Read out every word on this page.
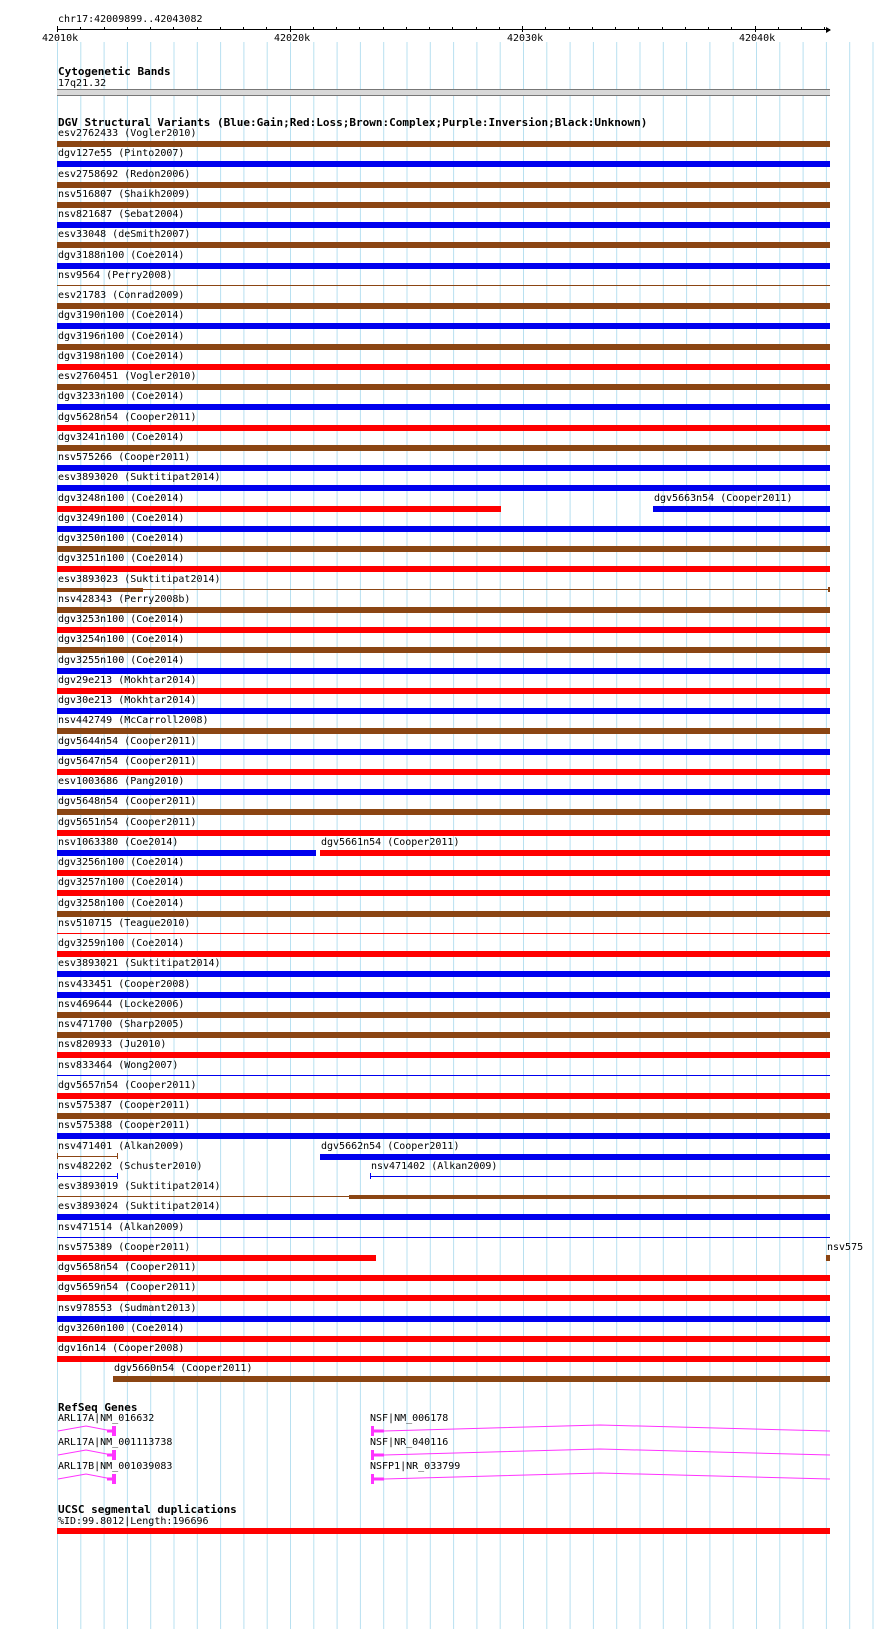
chr17:42009899..42043082
42010k	42020k	42030k	42040k
Cytogenetic Bands
17q21.32
DGV Structural Variants (Blue:Gain;Red:Loss;Brown:Complex;Purple:Inversion;Black:Unknown)
esv2762433 (Vogler2010)
dgv127e55 (Pinto2007)
esv2758692 (Redon2006)
nsv516807 (Shaikh2009)
nsv821687 (Sebat2004)
esv33048 (deSmith2007)
dgv3188n100 (Coe2014)
nsv9564 (Perry2008)
esv21783 (Conrad2009)
dgv3190n100 (Coe2014)
dgv3196n100 (Coe2014)
dgv3198n100 (Coe2014)
esv2760451 (Vogler2010)
dgv3233n100 (Coe2014)
dgv5628n54 (Cooper2011)
dgv3241n100 (Coe2014)
nsv575266 (Cooper2011)
esv3893020 (Suktitipat2014)
dgv3248n100 (Coe2014)	dgv5663n54 (Cooper2011)
dgv3249n100 (Coe2014)
dgv3250n100 (Coe2014)
dgv3251n100 (Coe2014)
esv3893023 (Suktitipat2014)
nsv428343 (Perry2008b)
dgv3253n100 (Coe2014)
dgv3254n100 (Coe2014)
dgv3255n100 (Coe2014)
dgv29e213 (Mokhtar2014)
dgv30e213 (Mokhtar2014)
nsv442749 (McCarroll2008)
dgv5644n54 (Cooper2011)
dgv5647n54 (Cooper2011)
esv1003686 (Pang2010)
dgv5648n54 (Cooper2011)
dgv5651n54 (Cooper2011)
nsv1063380 (Coe2014)	dgv5661n54 (Cooper2011)
dgv3256n100 (Coe2014)
dgv3257n100 (Coe2014)
dgv3258n100 (Coe2014)
nsv510715 (Teague2010)
dgv3259n100 (Coe2014)
esv3893021 (Suktitipat2014)
nsv433451 (Cooper2008)
nsv469644 (Locke2006)
nsv471700 (Sharp2005)
nsv820933 (Ju2010)
nsv833464 (Wong2007)
dgv5657n54 (Cooper2011)
nsv575387 (Cooper2011)
nsv575388 (Cooper2011)
nsv471401 (Alkan2009)	dgv5662n54 (Cooper2011)
nsv482202 (Schuster2010)	nsv471402 (Alkan2009)
esv3893019 (Suktitipat2014)
esv3893024 (Suktitipat2014)
nsv471514 (Alkan2009)
nsv575389 (Cooper2011)	nsv575
dgv5658n54 (Cooper2011)
dgv5659n54 (Cooper2011)
nsv978553 (Sudmant2013)
dgv3260n100 (Coe2014)
dgv16n14 (Cooper2008)
dgv5660n54 (Cooper2011)
RefSeq Genes
ARL17A|NM_016632
ARL17A|NM_001113738
ARL17B|NM_001039083
NSF|NM_006178
NSF|NR_040116
NSFP1|NR_033799
UCSC segmental duplications
%ID:99.8012|Length:196696
